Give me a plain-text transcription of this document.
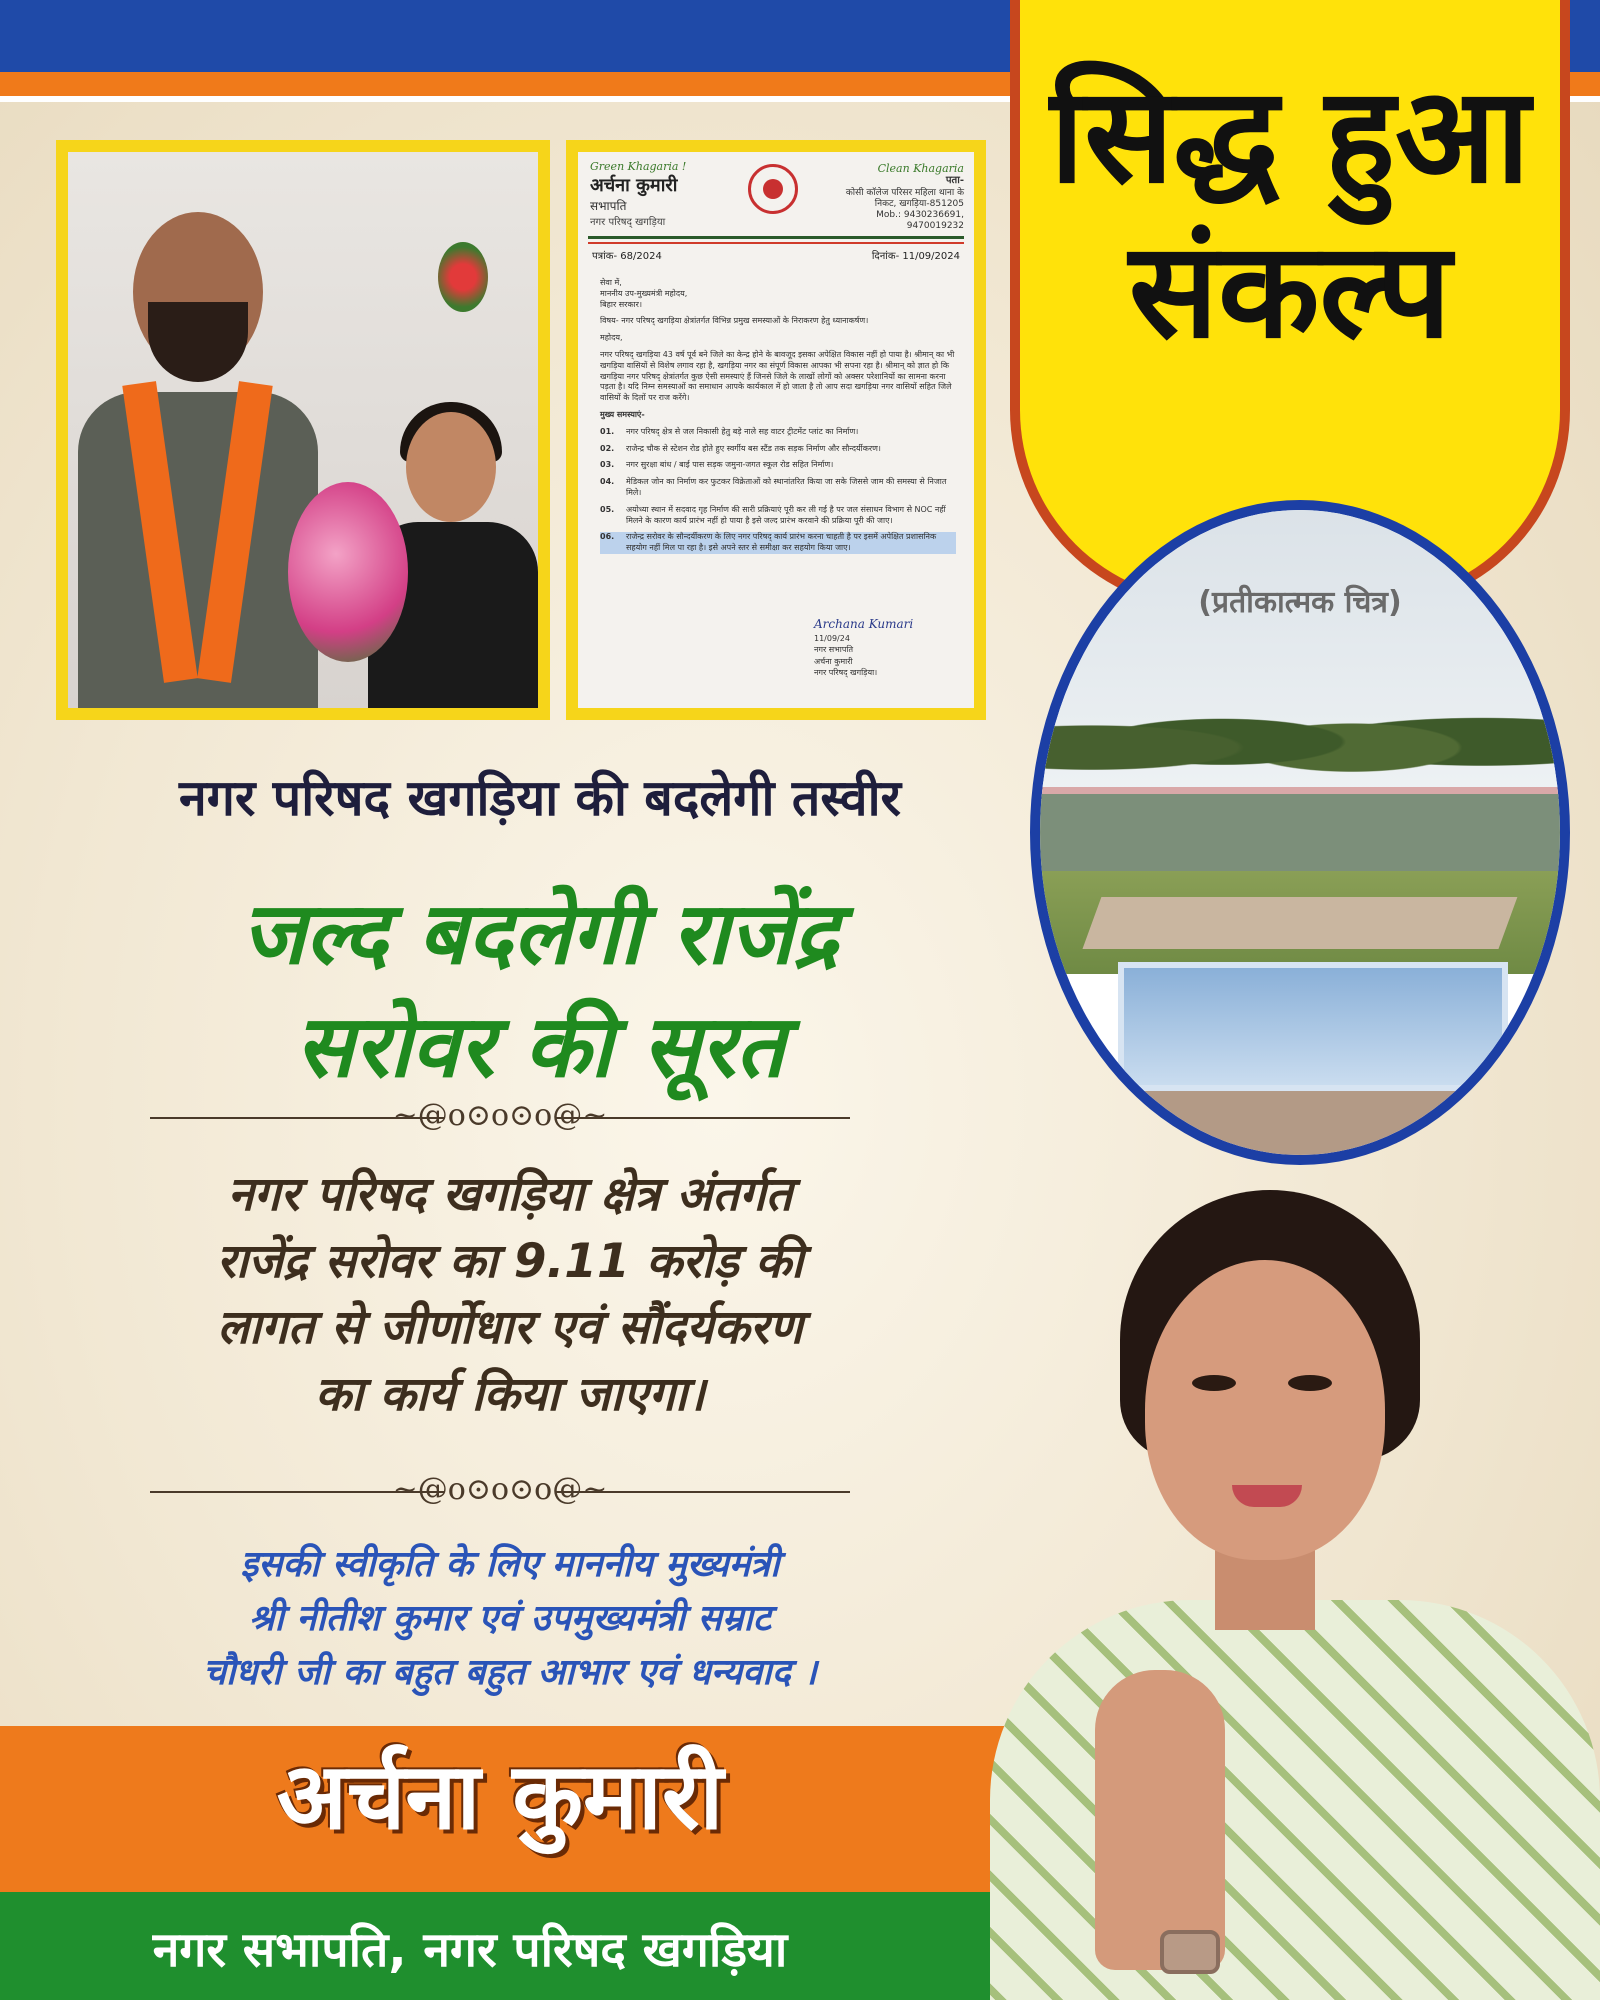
सिद्ध हुआ
संकल्प
Green Khagaria !
अर्चना कुमारी
सभापति
नगर परिषद् खगड़िया
Clean Khagaria
पता-
कोसी काॅलेज परिसर महिला थाना के निकट, खगड़िया-851205
Mob.: 9430236691, 9470019232
पत्रांक- 68/2024	दिनांक- 11/09/2024

सेवा में,
माननीय उप-मुख्यमंत्री महोदय,
बिहार सरकार।

विषय- नगर परिषद् खगड़िया क्षेत्रांतर्गत विभिन्न प्रमुख समस्याओं के निराकरण हेतु ध्यानाकर्षण।

महोदय,

नगर परिषद् खगड़िया 43 वर्ष पूर्व बने जिले का केन्द्र होने के बावजूद इसका अपेक्षित विकास नहीं हो पाया है। श्रीमान् का भी खगड़िया वासियों से विशेष लगाव रहा है, खगड़िया नगर का संपूर्ण विकास आपका भी सपना रहा है। श्रीमान् को ज्ञात हो कि खगड़िया नगर परिषद् क्षेत्रांतर्गत कुछ ऐसी समस्याएं हैं जिनसे जिले के लाखों लोगों को अक्सर परेशानियों का सामना करना पड़ता है। यदि निम्न समस्याओं का समाधान आपके कार्यकाल में हो जाता है तो आप सदा खगड़िया नगर वासियों सहित जिले वासियों के दिलों पर राज करेंगे।

मुख्य समस्याएं-

01.	नगर परिषद् क्षेत्र से जल निकासी हेतु बड़े नाले सह वाटर ट्रीटमेंट प्लांट का निर्माण।
02.	राजेन्द्र चौक से स्टेशन रोड होते हुए स्वर्गीय बस स्टैंड तक सड़क निर्माण और सौन्दर्यीकरण।
03.	नगर सुरक्षा बांध / बाई पास सड़क जमुना-जगत स्कूल रोड सहित निर्माण।
04.	मेडिकल जोन का निर्माण कर फुटकर विक्रेताओं को स्थानांतरित किया जा सके जिससे जाम की समस्या से निजात मिले।
05.	अयोध्या स्थान में सदवाद गृह निर्माण की सारी प्रक्रियाएं पूरी कर ली गई है पर जल संसाधन विभाग से NOC नहीं मिलने के कारण कार्य प्रारंभ नहीं हो पाया है इसे जल्द प्रारंभ करवाने की प्रक्रिया पूरी की जाए।
06.	राजेन्द्र सरोवर के सौन्दर्यीकरण के लिए नगर परिषद् कार्य प्रारंभ करना चाहती है पर इसमें अपेक्षित प्रशासनिक सहयोग नहीं मिल पा रहा है। इसे अपने स्तर से समीक्षा कर सहयोग किया जाए।
Archana Kumari
11/09/24
नगर सभापति
अर्चना कुमारी
नगर परिषद् खगड़िया।
नगर परिषद खगड़िया की बदलेगी तस्वीर
जल्द बदलेगी राजेंद्र
सरोवर की सूरत
~@o⊙o⊙o@~
नगर परिषद खगड़िया क्षेत्र अंतर्गत
राजेंद्र सरोवर का 9.11 करोड़ की
लागत से जीर्णोधार एवं सौंदर्यकरण
का कार्य किया जाएगा।
~@o⊙o⊙o@~
इसकी स्वीकृति के लिए माननीय मुख्यमंत्री
श्री नीतीश कुमार एवं उपमुख्यमंत्री सम्राट
चौधरी जी का बहुत बहुत आभार एवं धन्यवाद ।
(प्रतीकात्मक चित्र)
अर्चना कुमारी
नगर सभापति, नगर परिषद खगड़िया
